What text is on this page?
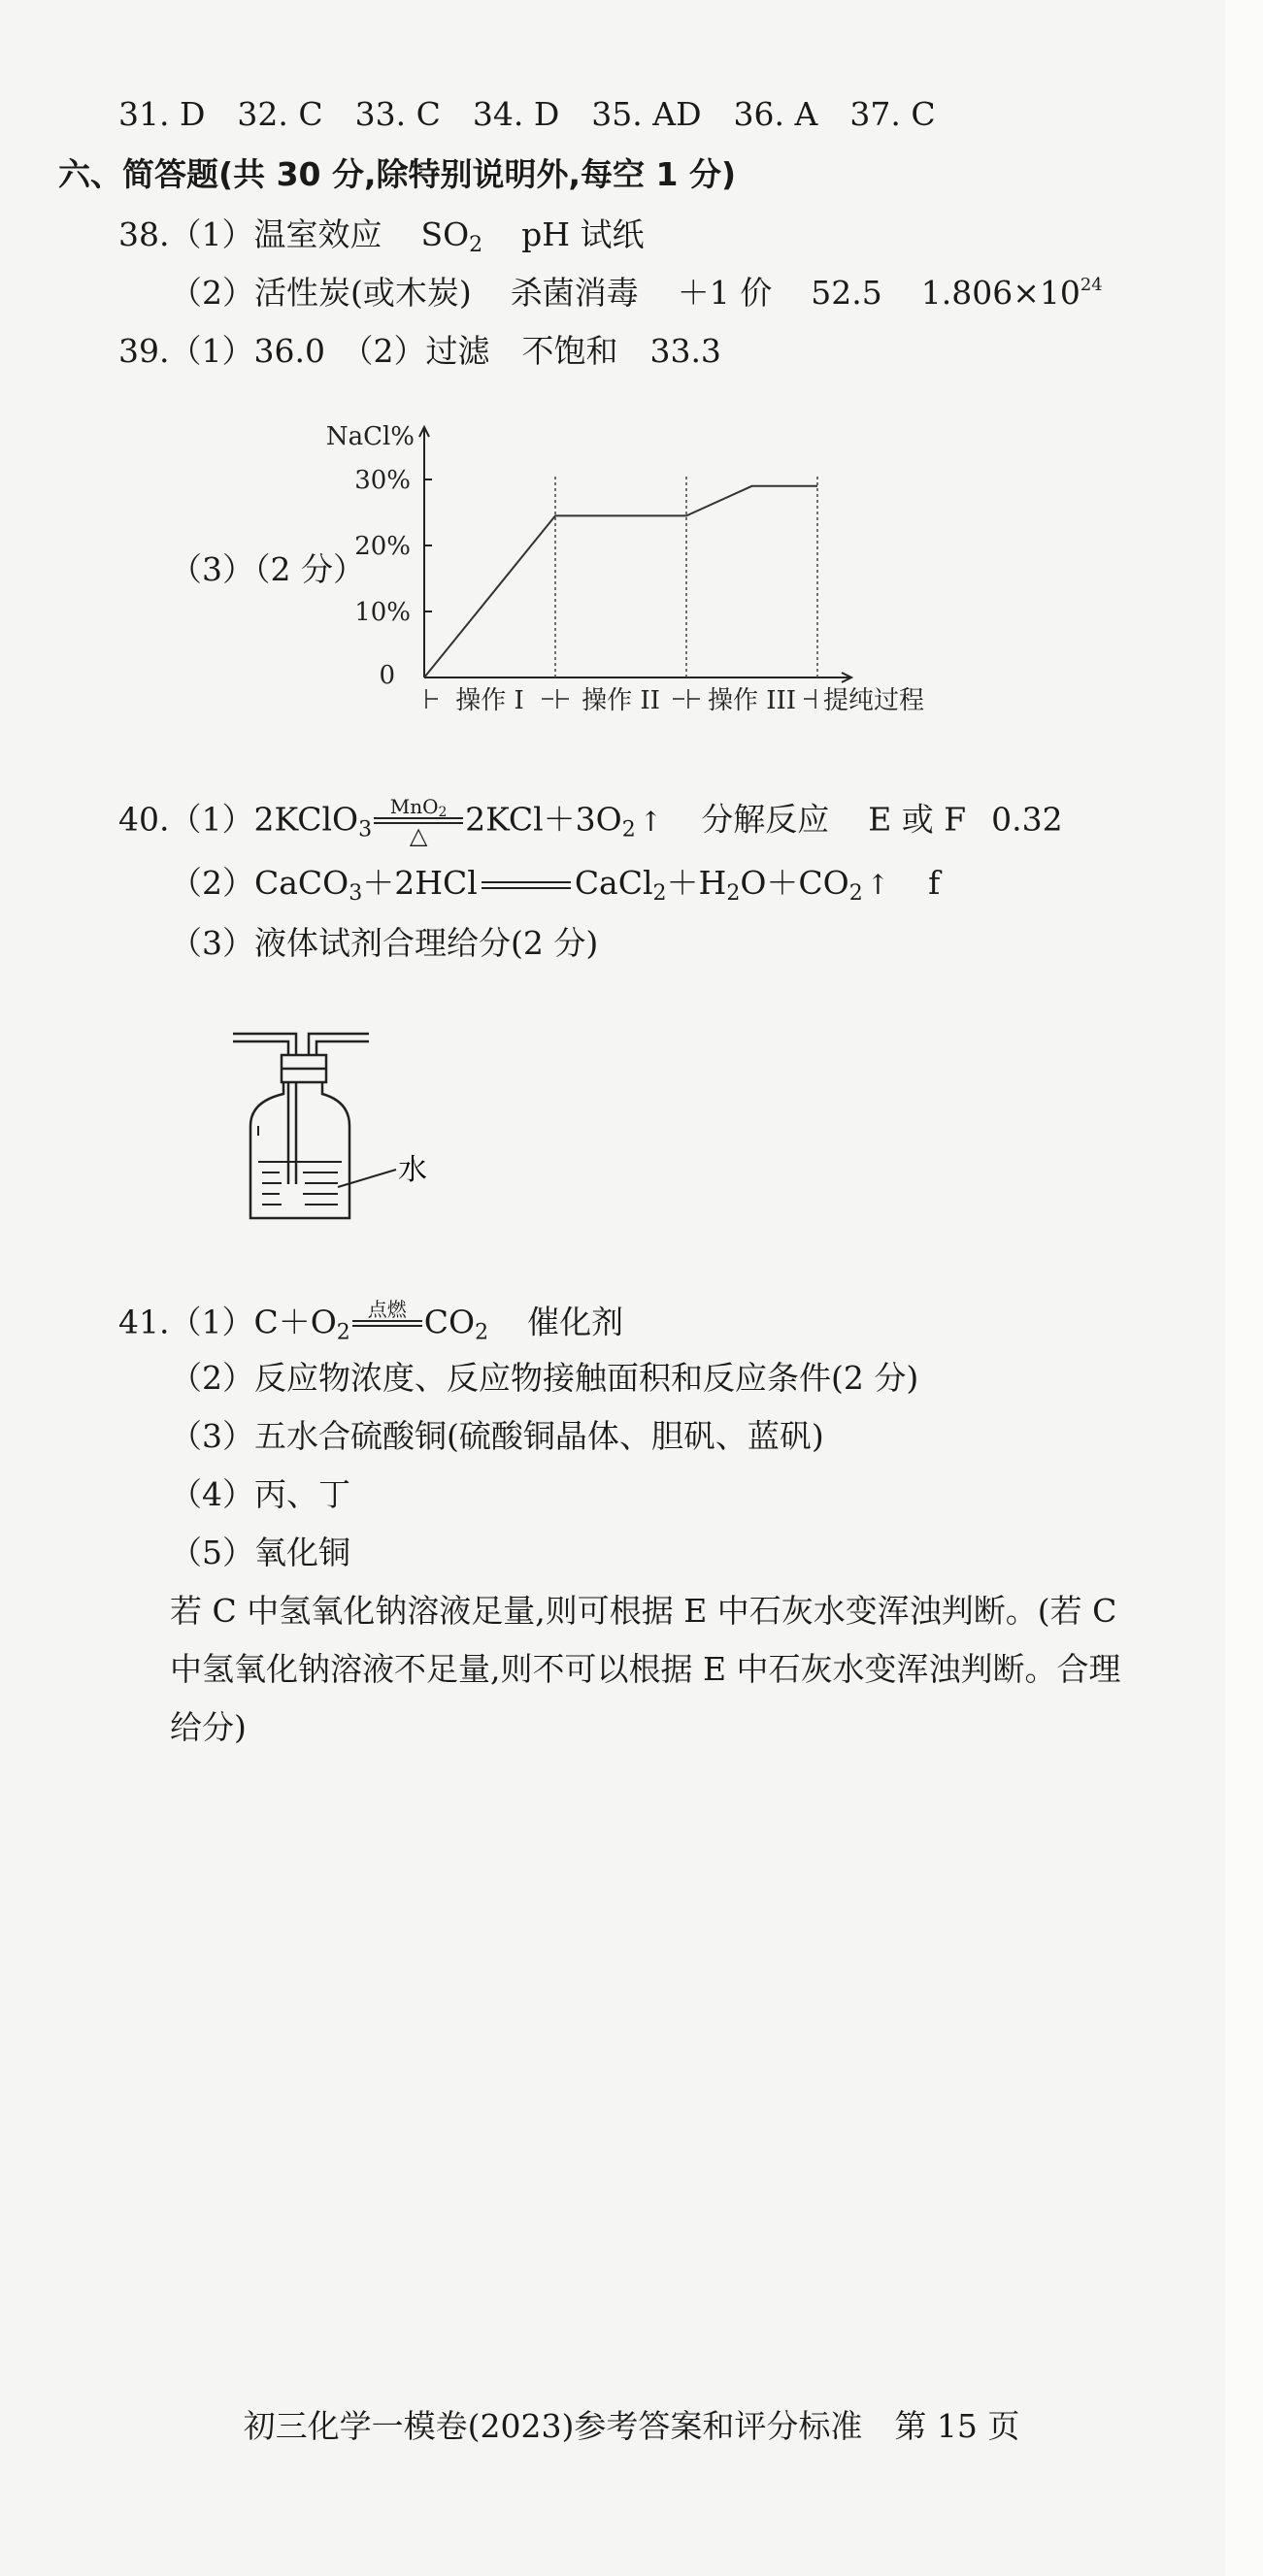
31. D　32. C　33. C　34. D　35. AD　36. A　37. C
六、简答题(共 30 分,除特别说明外,每空 1 分)
38.（1）温室效应 $SO_2$ pH 试纸
（2）活性炭(或木炭) 杀菌消毒 ＋1 价 52.5 $1.806\times 10^{24}$
39.（1）36.0　（2）过滤　不饱和　33.3
（3）（2 分）
30%
20%
10%
0
NaCl%
操作 I 操作 II 操作 III 提纯过程
40.（1）2KClO$_3$
MnO$_2$
△	$2KCl+3O_2$ ↑ 分解反应 E 或 F 0.32
（2）CaCO$_3$＋2HCl	$CaCl_2+H_2O+CO_2$ ↑ f
（3）液体试剂合理给分(2 分)
水
$41.(1)C+O_2$
点燃
$CO_2$ 催化剂
（2）反应物浓度、反应物接触面积和反应条件(2 分)
（3）五水合硫酸铜(硫酸铜晶体、胆矾、蓝矾)
（4）丙、丁
（5）氧化铜
若 C 中氢氧化钠溶液足量,则可根据 E 中石灰水变浑浊判断。(若 C 中氢氧化钠溶液不足量,则不可以根据 E 中石灰水变浑浊判断。合理给分)
初三化学一模卷(2023)参考答案和评分标准　第 15 页
